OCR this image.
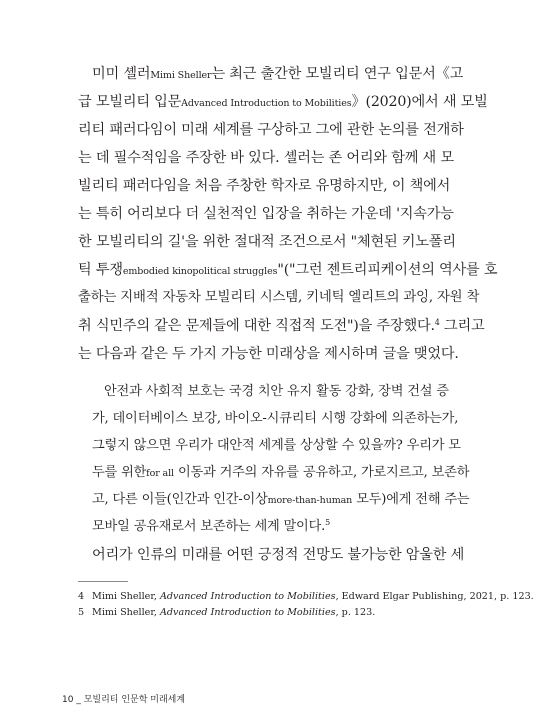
미미 셸러Mimi Sheller는 최근 출간한 모빌리티 연구 입문서《고
급 모빌리티 입문Advanced Introduction to Mobilities》(2020)에서 새 모빌
리티 패러다임이 미래 세계를 구상하고 그에 관한 논의를 전개하
는 데 필수적임을 주장한 바 있다. 셸러는 존 어리와 함께 새 모
빌리티 패러다임을 처음 주창한 학자로 유명하지만, 이 책에서
는 특히 어리보다 더 실천적인 입장을 취하는 가운데 '지속가능
한 모빌리티의 길'을 위한 절대적 조건으로서 "체현된 키노폴리
틱 투쟁embodied kinopolitical struggles"("그런 젠트리피케이션의 역사를 호
출하는 지배적 자동차 모빌리티 시스템, 키네틱 엘리트의 과잉, 자원 착
취 식민주의 같은 문제들에 대한 직접적 도전")을 주장했다.$^4$ 그리고
는 다음과 같은 두 가지 가능한 미래상을 제시하며 글을 맺었다.
안전과 사회적 보호는 국경 치안 유지 활동 강화, 장벽 건설 증
가, 데이터베이스 보강, 바이오-시큐리티 시행 강화에 의존하는가,
그렇지 않으면 우리가 대안적 세계를 상상할 수 있을까? 우리가 모
두를 위한for all 이동과 거주의 자유를 공유하고, 가로지르고, 보존하
고, 다른 이들(인간과 인간-이상more-than-human 모두)에게 전해 주는
모바일 공유재로서 보존하는 세계 말이다.$^5$
4 Mimi Sheller, Advanced Introduction to Mobilities, Edward Elgar Publishing, 2021, p. 123.
5 Mimi Sheller, Advanced Introduction to Mobilities, p. 123.
10 _ 모빌리티 인문학 미래세계
어리가 인류의 미래를 어떤 긍정적 전망도 불가능한 암울한 세
